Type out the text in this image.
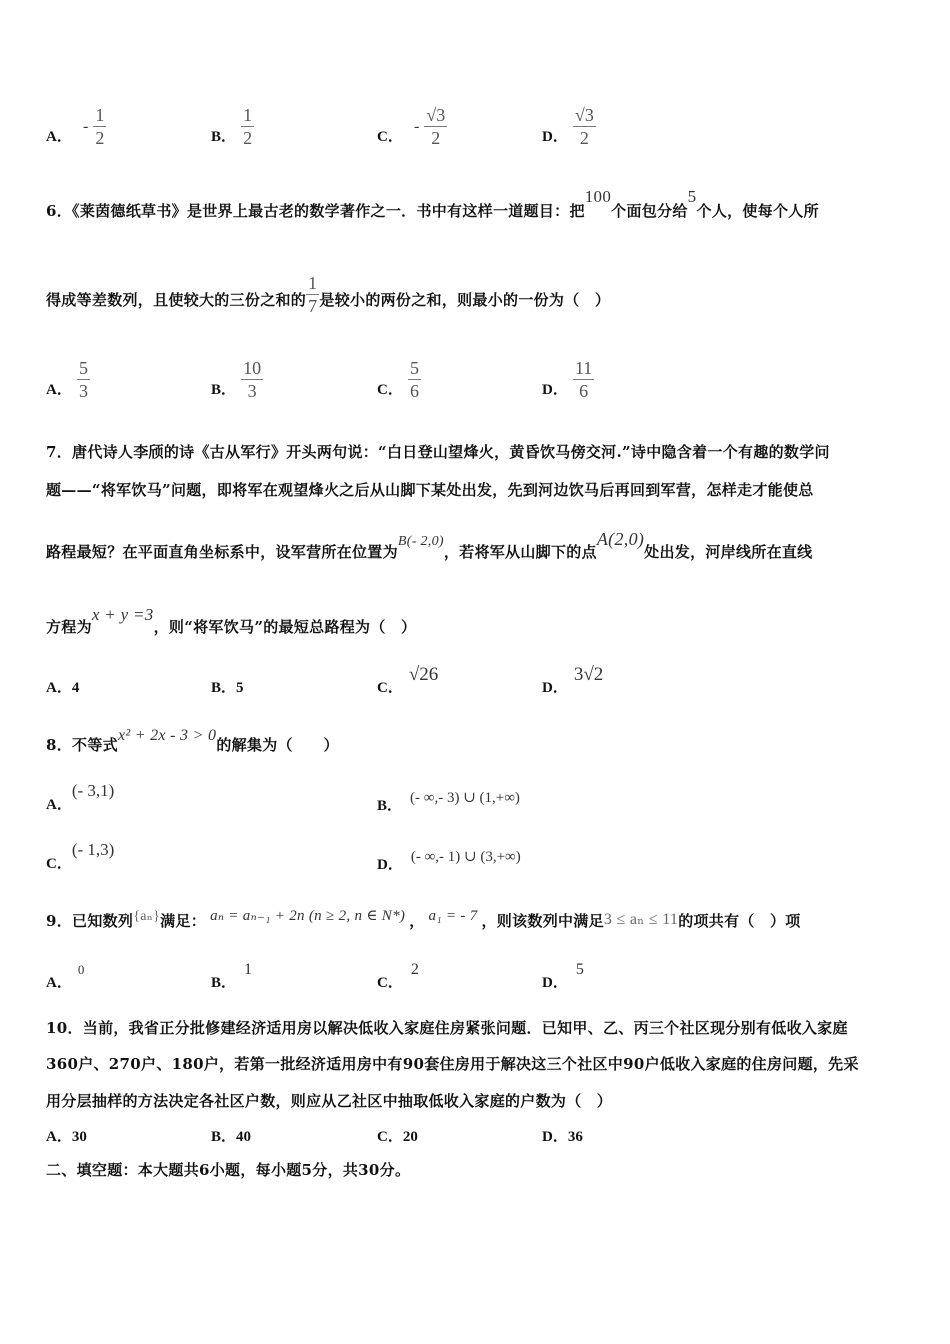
A． - $\frac{1}{2}$	B． $\frac{1}{2}$	C． - $\frac{√3}{2}$	D． $\frac{√3}{2}$
6．《莱茵德纸草书》是世界上最古老的数学著作之一．书中有这样一道题目：把100个面包分给5个人，使每个人所
得成等差数列，且使较大的三份之和的 $\frac{1}{7}$ 是较小的两份之和，则最小的一份为（　）
A． $\frac{5}{3}$	B． $\frac{10}{3}$	C． $\frac{5}{6}$	D． $\frac{11}{6}$
7．唐代诗人李颀的诗《古从军行》开头两句说：“白日登山望烽火，黄昏饮马傍交河.”诗中隐含着一个有趣的数学问
题——“将军饮马”问题，即将军在观望烽火之后从山脚下某处出发，先到河边饮马后再回到军营，怎样走才能使总
路程最短？在平面直角坐标系中，设军营所在位置为B(- 2,0)，若将军从山脚下的点A(2,0)处出发，河岸线所在直线
方程为x + y =3，则“将军饮马”的最短总路程为（　）
A．4	B．5	C．√26
D．3√2
8．不等式x² + 2x - 3 > 0的解集为（　　）
A．(- 3,1)
B． (- ∞,- 3) ∪ (1,+∞)
C．(- 1,3)
D． (- ∞,- 1) ∪ (3,+∞)
9．已知数列{aₙ}满足： aₙ = aₙ₋₁ + 2n (n ≥ 2, n ∈ N*) ， a₁ = - 7 ，则该数列中满足3 ≤ aₙ ≤ 11的项共有（　）项
A．0
B．1
C．2
D．5
10．当前，我省正分批修建经济适用房以解决低收入家庭住房紧张问题．已知甲、乙、丙三个社区现分别有低收入家庭
360户、270户、180户，若第一批经济适用房中有90套住房用于解决这三个社区中90户低收入家庭的住房问题，先采
用分层抽样的方法决定各社区户数，则应从乙社区中抽取低收入家庭的户数为（　）
A．30	B．40	C．20	D．36
二、填空题：本大题共6小题，每小题5分，共30分。
